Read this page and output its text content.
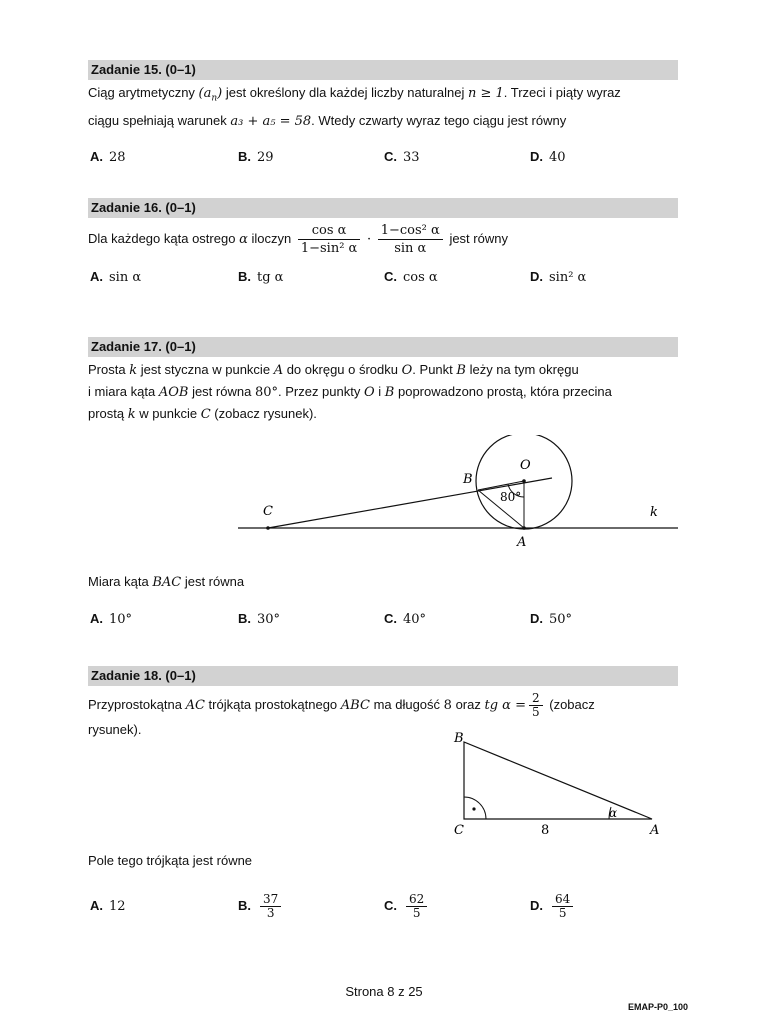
Zadanie 15. (0–1)
Ciąg arytmetyczny $(a_n)$ jest określony dla każdej liczby naturalnej n ≥ 1. Trzeci i piąty wyraz
ciągu spełniają warunek a₃ + a₅ = 58. Wtedy czwarty wyraz tego ciągu jest równy
A. 28	B. 29	C. 33	D. 40
Zadanie 16. (0–1)
Dla każdego kąta ostrego α iloczyn $\frac{\text{cos α}}{\text{1−sin² α}} \cdot \frac{\text{1−cos² α}}{\text{sin α}}$ jest równy
A. sin α	B. tg α	C. cos α	D. sin² α
Zadanie 17. (0–1)
Prosta k jest styczna w punkcie A do okręgu o środku O. Punkt B leży na tym okręgu
i miara kąta AOB jest równa 80°. Przez punkty O i B poprowadzono prostą, która przecina
prostą k w punkcie C (zobacz rysunek).
C
B
O
A
k
80°
Miara kąta BAC jest równa
A. 10°	B. 30°	C. 40°	D. 50°
Zadanie 18. (0–1)
Przyprostokątna AC trójkąta prostokątnego ABC ma długość 8 oraz tg $\alpha = \frac{2}{5}$ (zobacz
rysunek).
B
C	A
8
α
Pole tego trójkąta jest równe
A. 12	B. $\frac{37}{3}$	C. $\frac{62}{5}$	D. $\frac{64}{5}$
Strona 8 z 25
EMAP-P0_100
